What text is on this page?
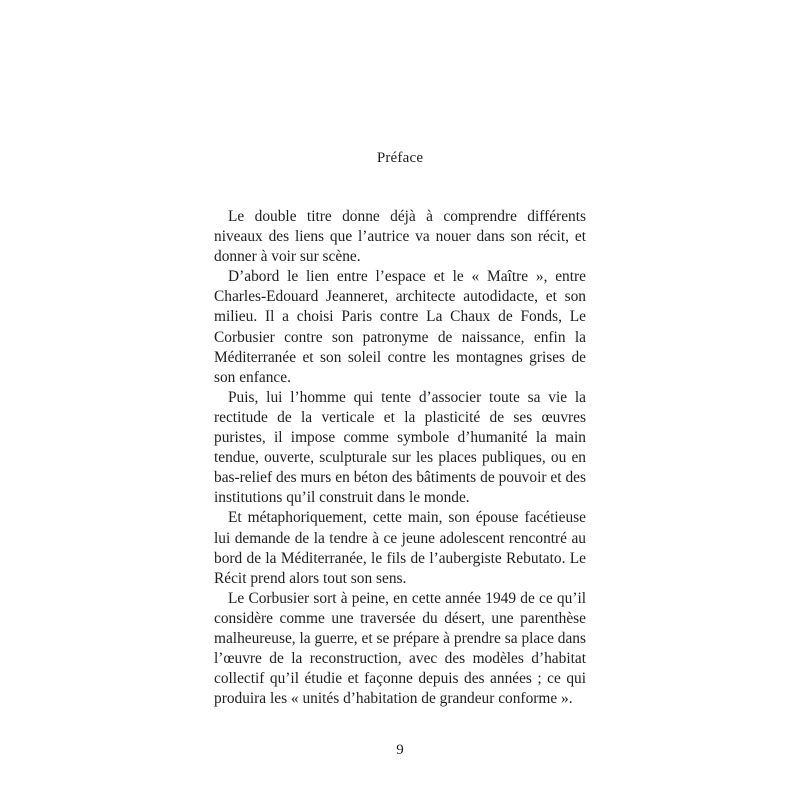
Préface

Le double titre donne déjà à comprendre différents niveaux des liens que l’autrice va nouer dans son récit, et donner à voir sur scène.

D’abord le lien entre l’espace et le « Maître », entre Charles-Edouard Jeanneret, architecte autodidacte, et son milieu. Il a choisi Paris contre La Chaux de Fonds, Le Corbusier contre son patronyme de naissance, enfin la Méditerranée et son soleil contre les montagnes grises de son enfance.

Puis, lui l’homme qui tente d’associer toute sa vie la rectitude de la verticale et la plasticité de ses œuvres puristes, il impose comme symbole d’humanité la main tendue, ouverte, sculpturale sur les places publiques, ou en bas-relief des murs en béton des bâtiments de pouvoir et des institutions qu’il construit dans le monde.

Et métaphoriquement, cette main, son épouse facétieuse lui demande de la tendre à ce jeune adolescent rencontré au bord de la Méditerranée, le fils de l’aubergiste Rebutato. Le Récit prend alors tout son sens.

Le Corbusier sort à peine, en cette année 1949 de ce qu’il considère comme une traversée du désert, une parenthèse malheureuse, la guerre, et se prépare à prendre sa place dans l’œuvre de la reconstruction, avec des modèles d’habitat collectif qu’il étudie et façonne depuis des années ; ce qui produira les « unités d’habitation de grandeur conforme ».

9
